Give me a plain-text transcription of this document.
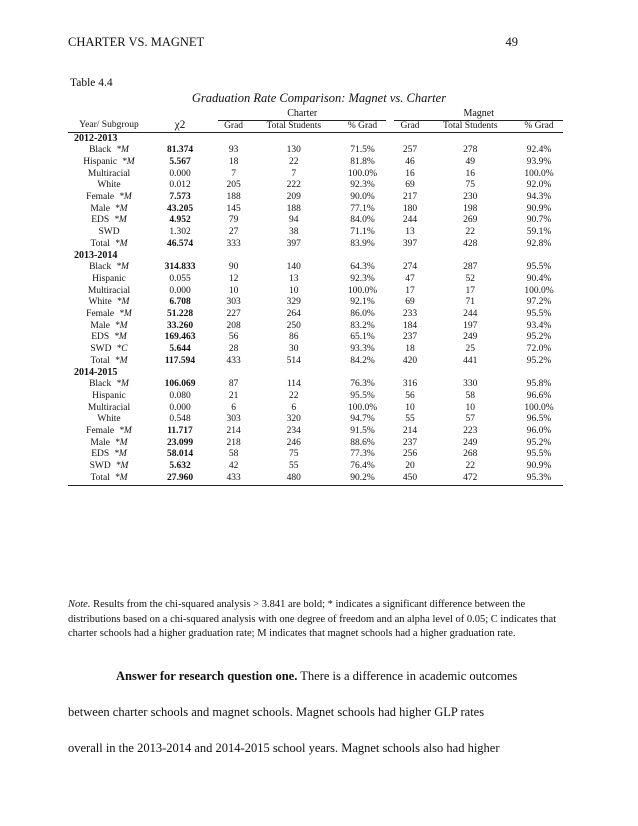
CHARTER VS. MAGNET	49
Table 4.4
Graduation Rate Comparison: Magnet vs. Charter
			Charter				Magnet		
Year/ Subgroup	χ2		Grad	Total Students	% Grad		Grad	Total Students	% Grad
2012-2013									
Black *M	81.374		93	130	71.5%		257	278	92.4%
Hispanic *M	5.567		18	22	81.8%		46	49	93.9%
Multiracial	0.000		7	7	100.0%		16	16	100.0%
White	0.012		205	222	92.3%		69	75	92.0%
Female *M	7.573		188	209	90.0%		217	230	94.3%
Male *M	43.205		145	188	77.1%		180	198	90.9%
EDS *M	4.952		79	94	84.0%		244	269	90.7%
SWD	1.302		27	38	71.1%		13	22	59.1%
Total *M	46.574		333	397	83.9%		397	428	92.8%
2013-2014									
Black *M	314.833		90	140	64.3%		274	287	95.5%
Hispanic	0.055		12	13	92.3%		47	52	90.4%
Multiracial	0.000		10	10	100.0%		17	17	100.0%
White *M	6.708		303	329	92.1%		69	71	97.2%
Female *M	51.228		227	264	86.0%		233	244	95.5%
Male *M	33.260		208	250	83.2%		184	197	93.4%
EDS *M	169.463		56	86	65.1%		237	249	95.2%
SWD *C	5.644		28	30	93.3%		18	25	72.0%
Total *M	117.594		433	514	84.2%		420	441	95.2%
2014-2015									
Black *M	106.069		87	114	76.3%		316	330	95.8%
Hispanic	0.080		21	22	95.5%		56	58	96.6%
Multiracial	0.000		6	6	100.0%		10	10	100.0%
White	0.548		303	320	94.7%		55	57	96.5%
Female *M	11.717		214	234	91.5%		214	223	96.0%
Male *M	23.099		218	246	88.6%		237	249	95.2%
EDS *M	58.014		58	75	77.3%		256	268	95.5%
SWD *M	5.632		42	55	76.4%		20	22	90.9%
Total *M	27.960		433	480	90.2%		450	472	95.3%
Note. Results from the chi-squared analysis > 3.841 are bold; * indicates a significant difference between the distributions based on a chi-squared analysis with one degree of freedom and an alpha level of 0.05; C indicates that charter schools had a higher graduation rate; M indicates that magnet schools had a higher graduation rate.

Answer for research question one. There is a difference in academic outcomes

between charter schools and magnet schools. Magnet schools had higher GLP rates

overall in the 2013-2014 and 2014-2015 school years. Magnet schools also had higher
